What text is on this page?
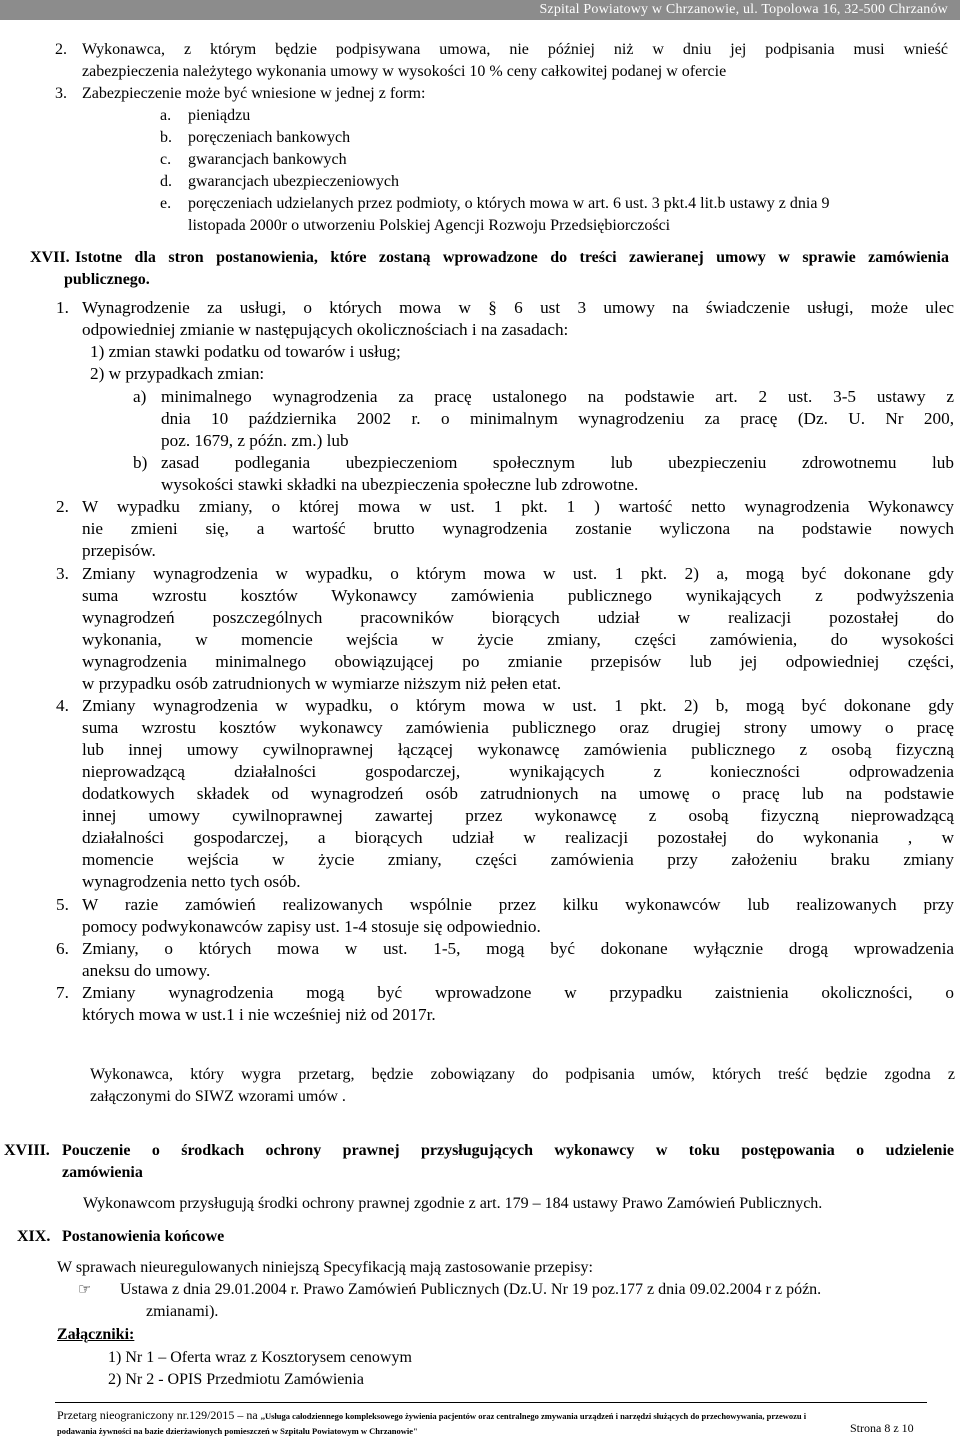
Szpital Powiatowy w Chrzanowie, ul. Topolowa 16, 32-500 Chrzanów
2. Wykonawca, z którym będzie podpisywana umowa, nie później niż w dniu jej podpisania musi wnieść
zabezpieczenia należytego wykonania umowy w wysokości 10 % ceny całkowitej podanej w ofercie
3. Zabezpieczenie może być wniesione w jednej z form:
a. pieniądzu
b. poręczeniach bankowych
c. gwarancjach bankowych
d. gwarancjach ubezpieczeniowych
e. poręczeniach udzielanych przez podmioty, o których mowa w art. 6 ust. 3 pkt.4 lit.b ustawy z dnia 9
listopada 2000r o utworzeniu Polskiej Agencji Rozwoju Przedsiębiorczości
XVII. Istotne dla stron postanowienia, które zostaną wprowadzone do treści zawieranej umowy w sprawie zamówienia
publicznego.
1. Wynagrodzenie za usługi, o których mowa w § 6 ust 3 umowy na świadczenie usługi, może ulec
odpowiedniej zmianie w następujących okolicznościach i na zasadach:
1) zmian stawki podatku od towarów i usług;
2) w przypadkach zmian:
a) minimalnego wynagrodzenia za pracę ustalonego na podstawie art. 2 ust. 3-5 ustawy z
dnia 10 października 2002 r. o minimalnym wynagrodzeniu za pracę (Dz. U. Nr 200,
poz. 1679, z późn. zm.) lub
b) zasad podlegania ubezpieczeniom społecznym lub ubezpieczeniu zdrowotnemu lub
wysokości stawki składki na ubezpieczenia społeczne lub zdrowotne.
2. W wypadku zmiany, o której mowa w ust. 1 pkt. 1 ) wartość netto wynagrodzenia Wykonawcy
nie zmieni się, a wartość brutto wynagrodzenia zostanie wyliczona na podstawie nowych
przepisów.
3. Zmiany wynagrodzenia w wypadku, o którym mowa w ust. 1 pkt. 2) a, mogą być dokonane gdy
suma wzrostu kosztów Wykonawcy zamówienia publicznego wynikających z podwyższenia
wynagrodzeń poszczególnych pracowników biorących udział w realizacji pozostałej do
wykonania, w momencie wejścia w życie zmiany, części zamówienia, do wysokości
wynagrodzenia minimalnego obowiązującej po zmianie przepisów lub jej odpowiedniej części,
w przypadku osób zatrudnionych w wymiarze niższym niż pełen etat.
4. Zmiany wynagrodzenia w wypadku, o którym mowa w ust. 1 pkt. 2) b, mogą być dokonane gdy
suma wzrostu kosztów wykonawcy zamówienia publicznego oraz drugiej strony umowy o pracę
lub innej umowy cywilnoprawnej łączącej wykonawcę zamówienia publicznego z osobą fizyczną
nieprowadzącą działalności gospodarczej, wynikających z konieczności odprowadzenia
dodatkowych składek od wynagrodzeń osób zatrudnionych na umowę o pracę lub na podstawie
innej umowy cywilnoprawnej zawartej przez wykonawcę z osobą fizyczną nieprowadzącą
działalności gospodarczej, a biorących udział w realizacji pozostałej do wykonania , w
momencie wejścia w życie zmiany, części zamówienia przy założeniu braku zmiany
wynagrodzenia netto tych osób.
5. W razie zamówień realizowanych wspólnie przez kilku wykonawców lub realizowanych przy
pomocy podwykonawców zapisy ust. 1-4 stosuje się odpowiednio.
6. Zmiany, o których mowa w ust. 1-5, mogą być dokonane wyłącznie drogą wprowadzenia
aneksu do umowy.
7. Zmiany wynagrodzenia mogą być wprowadzone w przypadku zaistnienia okoliczności, o
których mowa w ust.1 i nie wcześniej niż od 2017r.
Wykonawca, który wygra przetarg, będzie zobowiązany do podpisania umów, których treść będzie zgodna z
załączonymi do SIWZ wzorami umów .
XVIII. Pouczenie o środkach ochrony prawnej przysługujących wykonawcy w toku postępowania o udzielenie
zamówienia
Wykonawcom przysługują środki ochrony prawnej zgodnie z art. 179 – 184 ustawy Prawo Zamówień Publicznych.
XIX. Postanowienia końcowe
W sprawach nieuregulowanych niniejszą Specyfikacją mają zastosowanie przepisy:
☞ Ustawa z dnia 29.01.2004 r. Prawo Zamówień Publicznych (Dz.U. Nr 19 poz.177 z dnia 09.02.2004 r z późn.
zmianami).
Załączniki:
1) Nr 1 – Oferta wraz z Kosztorysem cenowym
2) Nr 2 - OPIS Przedmiotu Zamówienia
Przetarg nieograniczony nr.129/2015 – na ,,Usługa całodziennego kompleksowego żywienia pacjentów oraz centralnego zmywania urządzeń i narzędzi służących do przechowywania, przewozu i
podawania żywności na bazie dzierżawionych pomieszczeń w Szpitalu Powiatowym w Chrzanowie"	Strona 8 z 10
